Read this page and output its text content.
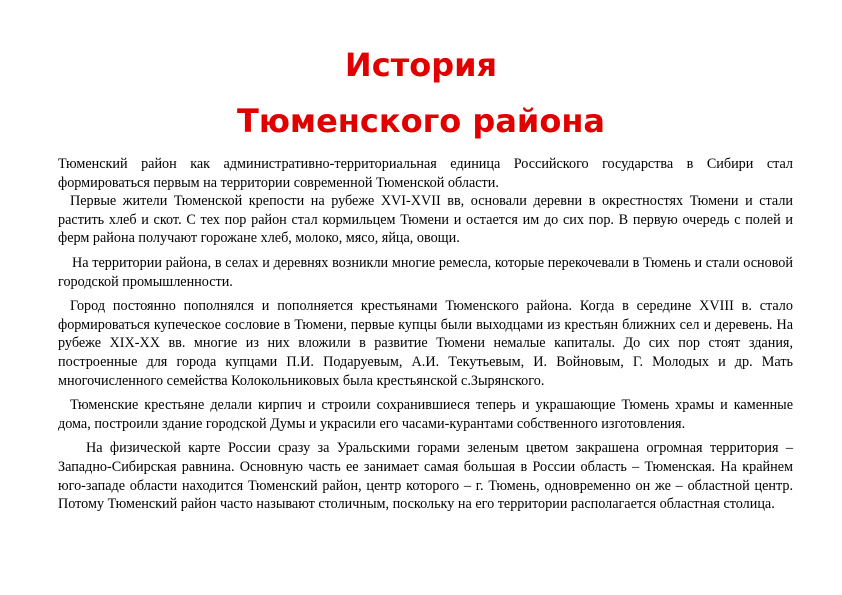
История
Тюменского района

Тюменский район как административно-территориальная единица Российского государства в Сибири стал формироваться первым на территории современной Тюменской области.

Первые жители Тюменской крепости на рубеже XVI-XVII вв, основали деревни в окрестностях Тюмени и стали растить хлеб и скот. С тех пор район стал кормильцем Тюмени и остается им до сих пор. В первую очередь с полей и ферм района получают горожане хлеб, молоко, мясо, яйца, овощи.

На территории района, в селах и деревнях возникли многие ремесла, которые перекочевали в Тюмень и стали основой городской промышленности.

Город постоянно пополнялся и пополняется крестьянами Тюменского района. Когда в середине XVIII в. стало формироваться купеческое сословие в Тюмени, первые купцы были выходцами из крестьян ближних сел и деревень. На рубеже XIX-XX вв. многие из них вложили в развитие Тюмени немалые капиталы. До сих пор стоят здания, построенные для города купцами П.И. Подаруевым, А.И. Текутьевым, И. Войновым, Г. Молодых и др. Мать многочисленного семейства Колокольниковых была крестьянской с.Зырянского.

Тюменские крестьяне делали кирпич и строили сохранившиеся теперь и украшающие Тюмень храмы и каменные дома, построили здание городской Думы и украсили его часами-курантами собственного изготовления.

На физической карте России сразу за Уральскими горами зеленым цветом закрашена огромная территория – Западно-Сибирская равнина. Основную часть ее занимает самая большая в России область – Тюменская. На крайнем юго-западе области находится Тюменский район, центр которого – г. Тюмень, одновременно он же – областной центр. Потому Тюменский район часто называют столичным, поскольку на его территории располагается областная столица.
